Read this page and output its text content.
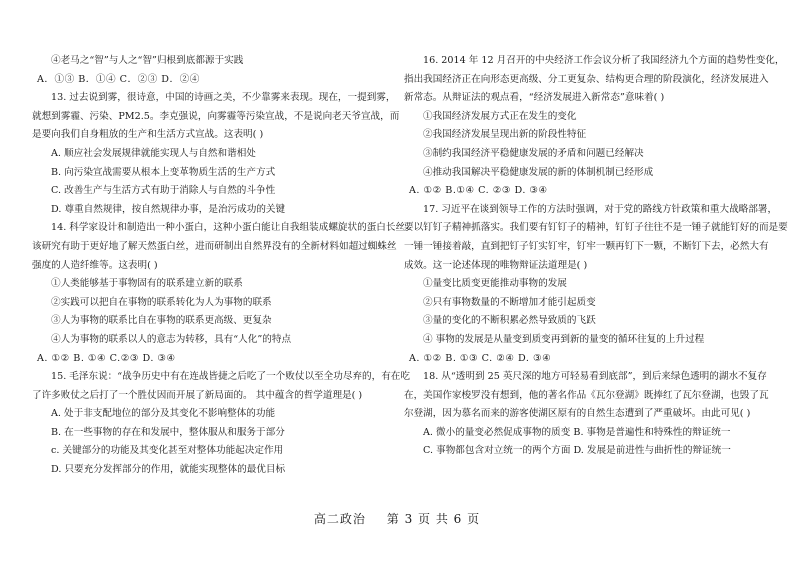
④老马之“智”与人之“智”归根到底都源于实践
A．①③ B．①④ C．②③ D．②④
13. 过去说到雾，很诗意，中国的诗画之美，不少靠雾来表现。现在，一提到雾，
就想到雾霾、污染、PM2.5。李克强说，向雾霾等污染宣战，不是说向老天爷宣战，而
是要向我们自身粗放的生产和生活方式宣战。这表明( )
A. 顺应社会发展规律就能实现人与自然和谐相处
B. 向污染宣战需要从根本上变革物质生活的生产方式
C. 改善生产与生活方式有助于消除人与自然的斗争性
D. 尊重自然规律，按自然规律办事，是治污成功的关键
14. 科学家设计和制造出一种小蛋白，这种小蛋白能让自我组装成螺旋状的蛋白长丝。
该研究有助于更好地了解天然蛋白丝，进而研制出自然界没有的全新材料如超过蜘蛛丝
强度的人造纤维等。这表明( )
①人类能够基于事物固有的联系建立新的联系
②实践可以把自在事物的联系转化为人为事物的联系
③人为事物的联系比自在事物的联系更高级、更复杂
④人为事物的联系以人的意志为转移，具有“人化”的特点
A. ①② B. ①④ C.②③ D. ③④
15. 毛泽东说：“战争历史中有在连战皆捷之后吃了一个败仗以至全功尽弃的，有在吃
了许多败仗之后打了一个胜仗因而开展了新局面的。 其中蕴含的哲学道理是( )
A. 处于非支配地位的部分及其变化不影响整体的功能
B. 在一些事物的存在和发展中，整体服从和服务于部分
c. 关键部分的功能及其变化甚至对整体功能起决定作用
D. 只要充分发挥部分的作用，就能实现整体的最优目标
16. 2014 年 12 月召开的中央经济工作会议分析了我国经济九个方面的趋势性变化，
指出我国经济正在向形态更高级、分工更复杂、结构更合理的阶段演化，经济发展进入
新常态。从辩证法的观点看，“经济发展进入新常态”意味着( )
①我国经济发展方式正在发生的变化
②我国经济发展呈现出新的阶段性特征
③制约我国经济平稳健康发展的矛盾和问题已经解决
④推动我国解决平稳健康发展的新的体制机制已经形成
A. ①② B.①④ C. ②③ D. ③④
17. 习近平在谈到领导工作的方法时强调，对于党的路线方针政策和重大战略部署，
要以钉钉子精神抓落实。我们要有钉钉子的精神，钉钉子往往不是一锤子就能钉好的而是要
一锤一锤接着敲，直到把钉子钉实钉牢，钉牢一颗再钉下一颗，不断钉下去，必然大有
成效。这一论述体现的唯物辩证法道理是( )
①量变比质变更能推动事物的发展
②只有事物数量的不断增加才能引起质变
③量的变化的不断积累必然导致质的飞跃
④ 事物的发展是从量变到质变再到新的量变的循环往复的上升过程
A. ①② B. ①③ C. ②④ D. ③④
18. 从“透明到 25 英尺深的地方可轻易看到底部”，到后来绿色透明的湖水不复存
在，美国作家梭罗没有想到，他的著名作品《瓦尔登湖》既捧红了瓦尔登湖，也毁了瓦
尔登湖，因为慕名而来的游客使湖区原有的自然生态遭到了严重破坏。由此可见( )
A. 微小的量变必然促成事物的质变 B. 事物是普遍性和特殊性的辩证统一
C. 事物都包含对立统一的两个方面 D. 发展是前进性与曲折性的辩证统一
高二政治 第 3 页 共 6 页
